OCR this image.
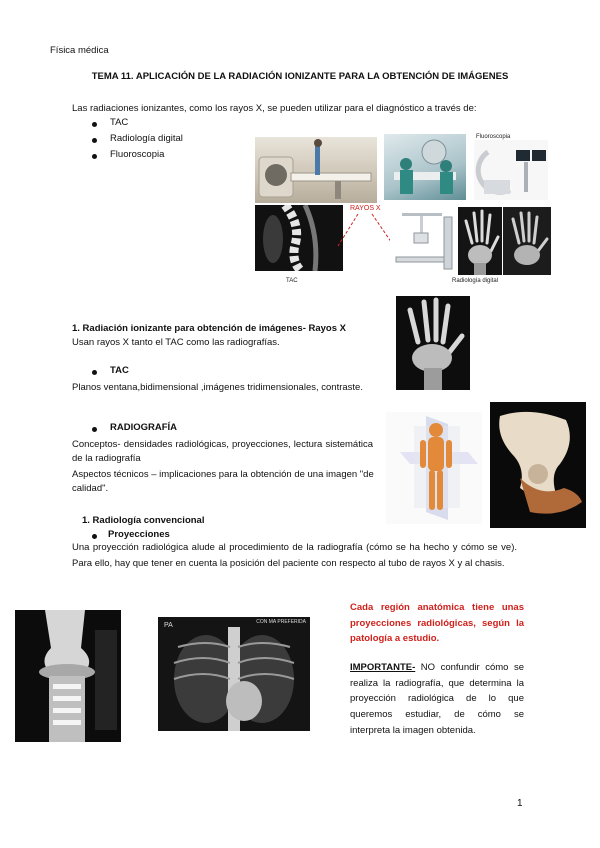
Física médica
TEMA 11. APLICACIÓN DE LA RADIACIÓN IONIZANTE PARA LA OBTENCIÓN DE IMÁGENES
Las radiaciones ionizantes, como los rayos X, se pueden utilizar para el diagnóstico a través de:
TAC
Radiología digital
Fluoroscopia
Fluoroscopia
TAC
RAYOS X
Radiología digital
1. Radiación ionizante para obtención de imágenes- Rayos X
Usan rayos X tanto el TAC como las radiografías.
TAC
Planos ventana,bidimensional ,imágenes tridimensionales, contraste.
RADIOGRAFÍA
Conceptos- densidades radiológicas, proyecciones, lectura sistemática de la radiografía
Aspectos técnicos – implicaciones para la obtención de una imagen "de calidad".
1. Radiología convencional
Proyecciones
Una proyección radiológica alude al procedimiento de la radiografía (cómo se ha hecho y cómo se ve). Para ello, hay que tener en cuenta la posición del paciente con respecto al tubo de rayos X y al chasis.
PA	CON MA PREFERIDA
Cada región anatómica tiene unas proyecciones radiológicas, según la patología a estudio.
IMPORTANTE- NO confundir cómo se realiza la radiografía, que determina la proyección radiológica de lo que queremos estudiar, de cómo se interpreta la imagen obtenida.
1
